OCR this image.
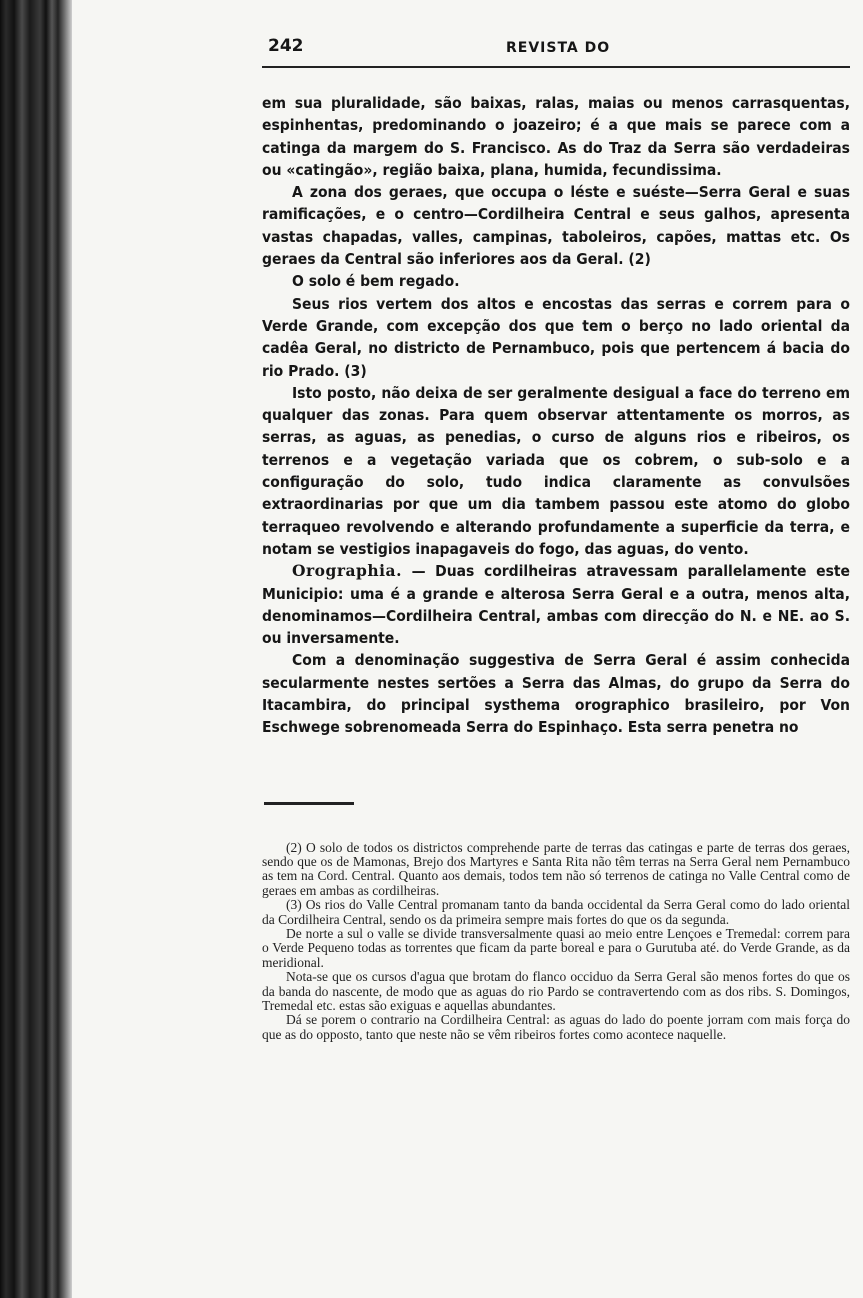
242	REVISTA DO

em sua pluralidade, são baixas, ralas, maias ou menos carrasquentas, espinhentas, predominando o joazeiro; é a que mais se parece com a catinga da margem do S. Francisco. As do Traz da Serra são verdadeiras ou «catingão», região baixa, plana, humida, fecundissima.

A zona dos geraes, que occupa o léste e suéste—Serra Geral e suas ramificações, e o centro—Cordilheira Central e seus galhos, apresenta vastas chapadas, valles, campinas, taboleiros, capões, mattas etc. Os geraes da Central são inferiores aos da Geral. (2)

O solo é bem regado.

Seus rios vertem dos altos e encostas das serras e correm para o Verde Grande, com excepção dos que tem o berço no lado oriental da cadêa Geral, no districto de Pernambuco, pois que pertencem á bacia do rio Prado. (3)

Isto posto, não deixa de ser geralmente desigual a face do terreno em qualquer das zonas. Para quem observar attentamente os morros, as serras, as aguas, as penedias, o curso de alguns rios e ribeiros, os terrenos e a vegetação variada que os cobrem, o sub-solo e a configuração do solo, tudo indica claramente as convulsões extraordinarias por que um dia tambem passou este atomo do globo terraqueo revolvendo e alterando profundamente a superficie da terra, e notam se vestigios inapagaveis do fogo, das aguas, do vento.

Orographia. — Duas cordilheiras atravessam parallelamente este Municipio: uma é a grande e alterosa Serra Geral e a outra, menos alta, denominamos—Cordilheira Central, ambas com direcção do N. e NE. ao S. ou inversamente.

Com a denominação suggestiva de Serra Geral é assim conhecida secularmente nestes sertões a Serra das Almas, do grupo da Serra do Itacambira, do principal systhema orographico brasileiro, por Von Eschwege sobrenomeada Serra do Espinhaço. Esta serra penetra no

(2) O solo de todos os districtos comprehende parte de terras das catingas e parte de terras dos geraes, sendo que os de Mamonas, Brejo dos Martyres e Santa Rita não têm terras na Serra Geral nem Pernambuco as tem na Cord. Central. Quanto aos demais, todos tem não só terrenos de catinga no Valle Central como de geraes em ambas as cordilheiras.

(3) Os rios do Valle Central promanam tanto da banda occidental da Serra Geral como do lado oriental da Cordilheira Central, sendo os da primeira sempre mais fortes do que os da segunda.

De norte a sul o valle se divide transversalmente quasi ao meio entre Lençoes e Tremedal: correm para o Verde Pequeno todas as torrentes que ficam da parte boreal e para o Gurutuba até. do Verde Grande, as da meridional.

Nota-se que os cursos d'agua que brotam do flanco occiduo da Serra Geral são menos fortes do que os da banda do nascente, de modo que as aguas do rio Pardo se contravertendo com as dos ribs. S. Domingos, Tremedal etc. estas são exiguas e aquellas abundantes.

Dá se porem o contrario na Cordilheira Central: as aguas do lado do poente jorram com mais força do que as do opposto, tanto que neste não se vêm ribeiros fortes como acontece naquelle.
